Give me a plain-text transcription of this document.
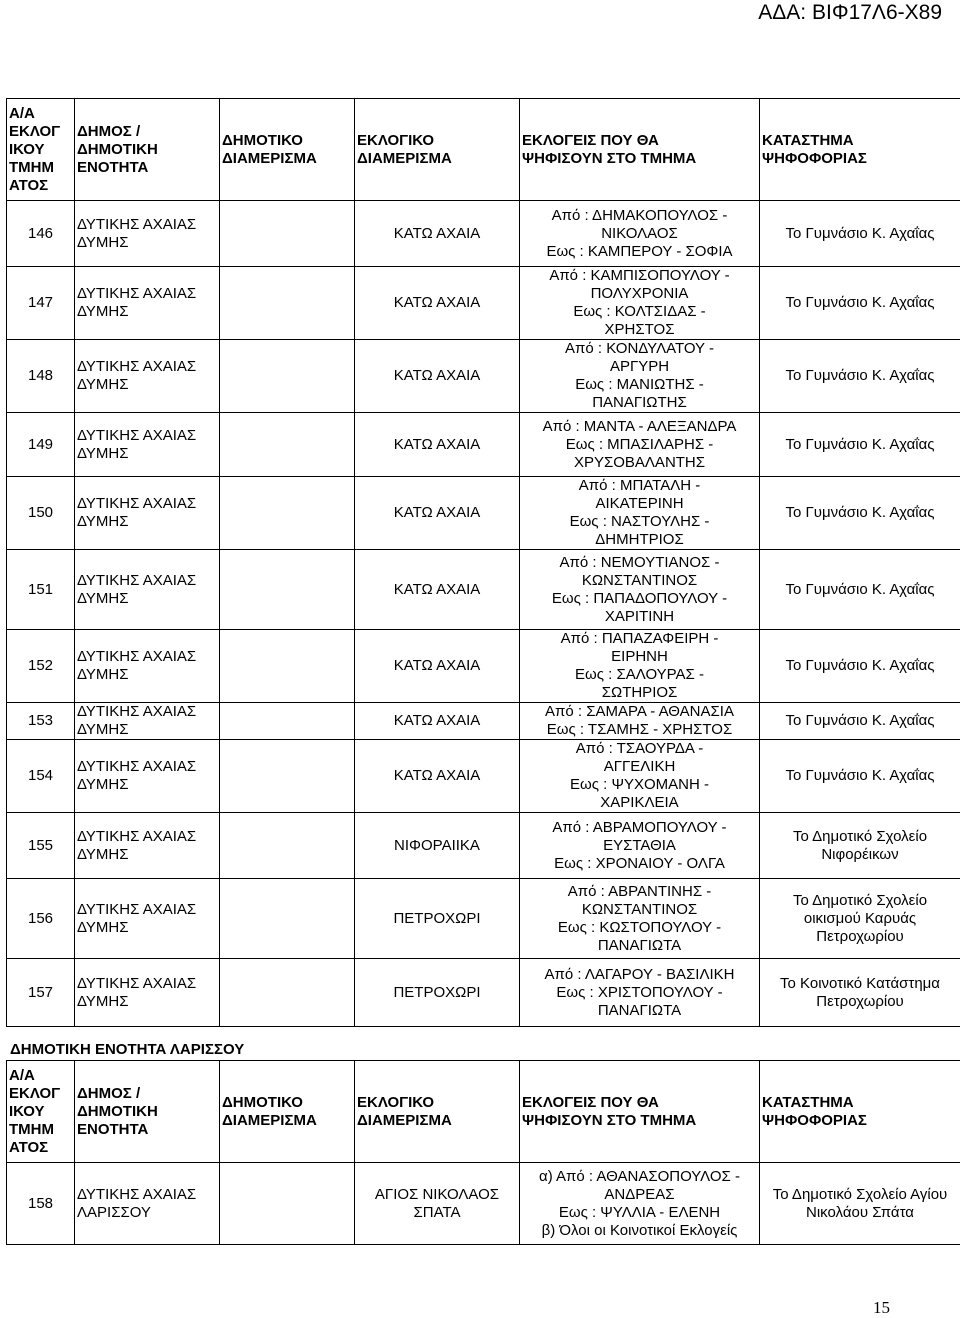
ΑΔΑ: ΒΙΦ17Λ6-Χ89
Α/Α
ΕΚΛΟΓ
ΙΚΟΥ
ΤΜΗΜ
ΑΤΟΣ	ΔΗΜΟΣ /
ΔΗΜΟΤΙΚΗ
ΕΝΟΤΗΤΑ	ΔΗΜΟΤΙΚΟ
ΔΙΑΜΕΡΙΣΜΑ	ΕΚΛΟΓΙΚΟ
ΔΙΑΜΕΡΙΣΜΑ	ΕΚΛΟΓΕΙΣ ΠΟΥ ΘΑ
ΨΗΦΙΣΟΥΝ ΣΤΟ ΤΜΗΜΑ	ΚΑΤΑΣΤΗΜΑ
ΨΗΦΟΦΟΡΙΑΣ

146	ΔΥΤΙΚΗΣ ΑΧΑΙΑΣ
ΔΥΜΗΣ		ΚΑΤΩ ΑΧΑΙΑ	Από : ΔΗΜΑΚΟΠΟΥΛΟΣ -
ΝΙΚΟΛΑΟΣ
Εως : ΚΑΜΠΕΡΟΥ - ΣΟΦΙΑ	Το Γυμνάσιο Κ. Αχαΐας

147	ΔΥΤΙΚΗΣ ΑΧΑΙΑΣ
ΔΥΜΗΣ		ΚΑΤΩ ΑΧΑΙΑ	Από : ΚΑΜΠΙΣΟΠΟΥΛΟΥ -
ΠΟΛΥΧΡΟΝΙΑ
Εως : ΚΟΛΤΣΙΔΑΣ -
ΧΡΗΣΤΟΣ	Το Γυμνάσιο Κ. Αχαΐας

148	ΔΥΤΙΚΗΣ ΑΧΑΙΑΣ
ΔΥΜΗΣ		ΚΑΤΩ ΑΧΑΙΑ	Από : ΚΟΝΔΥΛΑΤΟΥ -
ΑΡΓΥΡΗ
Εως : ΜΑΝΙΩΤΗΣ -
ΠΑΝΑΓΙΩΤΗΣ	Το Γυμνάσιο Κ. Αχαΐας

149	ΔΥΤΙΚΗΣ ΑΧΑΙΑΣ
ΔΥΜΗΣ		ΚΑΤΩ ΑΧΑΙΑ	Από : ΜΑΝΤΑ - ΑΛΕΞΑΝΔΡΑ
Εως : ΜΠΑΣΙΛΑΡΗΣ -
ΧΡΥΣΟΒΑΛΑΝΤΗΣ	Το Γυμνάσιο Κ. Αχαΐας

150	ΔΥΤΙΚΗΣ ΑΧΑΙΑΣ
ΔΥΜΗΣ		ΚΑΤΩ ΑΧΑΙΑ	Από : ΜΠΑΤΑΛΗ -
ΑΙΚΑΤΕΡΙΝΗ
Εως : ΝΑΣΤΟΥΛΗΣ -
ΔΗΜΗΤΡΙΟΣ	Το Γυμνάσιο Κ. Αχαΐας

151	ΔΥΤΙΚΗΣ ΑΧΑΙΑΣ
ΔΥΜΗΣ		ΚΑΤΩ ΑΧΑΙΑ	Από : ΝΕΜΟΥΤΙΑΝΟΣ -
ΚΩΝΣΤΑΝΤΙΝΟΣ
Εως : ΠΑΠΑΔΟΠΟΥΛΟΥ -
ΧΑΡΙΤΙΝΗ	Το Γυμνάσιο Κ. Αχαΐας

152	ΔΥΤΙΚΗΣ ΑΧΑΙΑΣ
ΔΥΜΗΣ		ΚΑΤΩ ΑΧΑΙΑ	Από : ΠΑΠΑΖΑΦΕΙΡΗ -
ΕΙΡΗΝΗ
Εως : ΣΑΛΟΥΡΑΣ -
ΣΩΤΗΡΙΟΣ	Το Γυμνάσιο Κ. Αχαΐας

153	ΔΥΤΙΚΗΣ ΑΧΑΙΑΣ
ΔΥΜΗΣ		ΚΑΤΩ ΑΧΑΙΑ	Από : ΣΑΜΑΡΑ - ΑΘΑΝΑΣΙΑ
Εως : ΤΣΑΜΗΣ - ΧΡΗΣΤΟΣ	Το Γυμνάσιο Κ. Αχαΐας

154	ΔΥΤΙΚΗΣ ΑΧΑΙΑΣ
ΔΥΜΗΣ		ΚΑΤΩ ΑΧΑΙΑ	Από : ΤΣΑΟΥΡΔΑ -
ΑΓΓΕΛΙΚΗ
Εως : ΨΥΧΟΜΑΝΗ -
ΧΑΡΙΚΛΕΙΑ	Το Γυμνάσιο Κ. Αχαΐας

155	ΔΥΤΙΚΗΣ ΑΧΑΙΑΣ
ΔΥΜΗΣ		ΝΙΦΟΡΑΙΙΚΑ	Από : ΑΒΡΑΜΟΠΟΥΛΟΥ -
ΕΥΣΤΑΘΙΑ
Εως : ΧΡΟΝΑΙΟΥ - ΟΛΓΑ	Το Δημοτικό Σχολείο
Νιφορέικων

156	ΔΥΤΙΚΗΣ ΑΧΑΙΑΣ
ΔΥΜΗΣ		ΠΕΤΡΟΧΩΡΙ	Από : ΑΒΡΑΝΤΙΝΗΣ -
ΚΩΝΣΤΑΝΤΙΝΟΣ
Εως : ΚΩΣΤΟΠΟΥΛΟΥ -
ΠΑΝΑΓΙΩΤΑ	Το Δημοτικό Σχολείο
οικισμού Καρυάς
Πετροχωρίου

157	ΔΥΤΙΚΗΣ ΑΧΑΙΑΣ
ΔΥΜΗΣ		ΠΕΤΡΟΧΩΡΙ	Από : ΛΑΓΑΡΟΥ - ΒΑΣΙΛΙΚΗ
Εως : ΧΡΙΣΤΟΠΟΥΛΟΥ -
ΠΑΝΑΓΙΩΤΑ	Το Κοινοτικό Κατάστημα
Πετροχωρίου
ΔΗΜΟΤΙΚΗ ΕΝΟΤΗΤΑ ΛΑΡΙΣΣΟΥ
Α/Α
ΕΚΛΟΓ
ΙΚΟΥ
ΤΜΗΜ
ΑΤΟΣ	ΔΗΜΟΣ /
ΔΗΜΟΤΙΚΗ
ΕΝΟΤΗΤΑ	ΔΗΜΟΤΙΚΟ
ΔΙΑΜΕΡΙΣΜΑ	ΕΚΛΟΓΙΚΟ
ΔΙΑΜΕΡΙΣΜΑ	ΕΚΛΟΓΕΙΣ ΠΟΥ ΘΑ
ΨΗΦΙΣΟΥΝ ΣΤΟ ΤΜΗΜΑ	ΚΑΤΑΣΤΗΜΑ
ΨΗΦΟΦΟΡΙΑΣ

158	ΔΥΤΙΚΗΣ ΑΧΑΙΑΣ
ΛΑΡΙΣΣΟΥ		ΑΓΙΟΣ ΝΙΚΟΛΑΟΣ
ΣΠΑΤΑ	α) Από : ΑΘΑΝΑΣΟΠΟΥΛΟΣ -
ΑΝΔΡΕΑΣ
Εως : ΨΥΛΛΙΑ - ΕΛΕΝΗ
β) Όλοι οι Κοινοτικοί Εκλογείς	Το Δημοτικό Σχολείο Αγίου
Νικολάου Σπάτα
15
